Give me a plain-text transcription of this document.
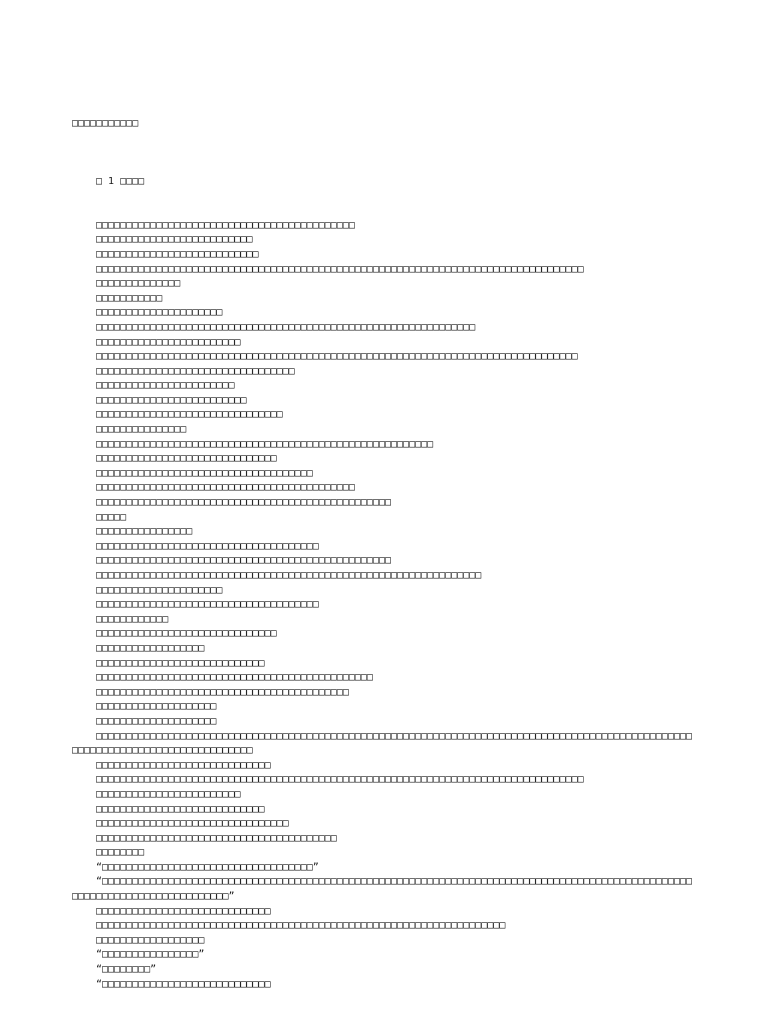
□□□□□□□□□□□

□ 1 □□□□

□□□□□□□□□□□□□□□□□□□□□□□□□□□□□□□□□□□□□□□□□□□
□□□□□□□□□□□□□□□□□□□□□□□□□□
□□□□□□□□□□□□□□□□□□□□□□□□□□□
□□□□□□□□□□□□□□□□□□□□□□□□□□□□□□□□□□□□□□□□□□□□□□□□□□□□□□□□□□□□□□□□□□□□□□□□□□□□□□□□□
□□□□□□□□□□□□□□
□□□□□□□□□□□
□□□□□□□□□□□□□□□□□□□□□
□□□□□□□□□□□□□□□□□□□□□□□□□□□□□□□□□□□□□□□□□□□□□□□□□□□□□□□□□□□□□□□
□□□□□□□□□□□□□□□□□□□□□□□□
□□□□□□□□□□□□□□□□□□□□□□□□□□□□□□□□□□□□□□□□□□□□□□□□□□□□□□□□□□□□□□□□□□□□□□□□□□□□□□□□
□□□□□□□□□□□□□□□□□□□□□□□□□□□□□□□□□
□□□□□□□□□□□□□□□□□□□□□□□
□□□□□□□□□□□□□□□□□□□□□□□□□
□□□□□□□□□□□□□□□□□□□□□□□□□□□□□□□
□□□□□□□□□□□□□□□
□□□□□□□□□□□□□□□□□□□□□□□□□□□□□□□□□□□□□□□□□□□□□□□□□□□□□□□□
□□□□□□□□□□□□□□□□□□□□□□□□□□□□□□
□□□□□□□□□□□□□□□□□□□□□□□□□□□□□□□□□□□□
□□□□□□□□□□□□□□□□□□□□□□□□□□□□□□□□□□□□□□□□□□□
□□□□□□□□□□□□□□□□□□□□□□□□□□□□□□□□□□□□□□□□□□□□□□□□□
□□□□□
□□□□□□□□□□□□□□□□
□□□□□□□□□□□□□□□□□□□□□□□□□□□□□□□□□□□□□
□□□□□□□□□□□□□□□□□□□□□□□□□□□□□□□□□□□□□□□□□□□□□□□□□
□□□□□□□□□□□□□□□□□□□□□□□□□□□□□□□□□□□□□□□□□□□□□□□□□□□□□□□□□□□□□□□□
□□□□□□□□□□□□□□□□□□□□□
□□□□□□□□□□□□□□□□□□□□□□□□□□□□□□□□□□□□□
□□□□□□□□□□□□
□□□□□□□□□□□□□□□□□□□□□□□□□□□□□□
□□□□□□□□□□□□□□□□□□
□□□□□□□□□□□□□□□□□□□□□□□□□□□□
□□□□□□□□□□□□□□□□□□□□□□□□□□□□□□□□□□□□□□□□□□□□□□
□□□□□□□□□□□□□□□□□□□□□□□□□□□□□□□□□□□□□□□□□□
□□□□□□□□□□□□□□□□□□□□
□□□□□□□□□□□□□□□□□□□□
□□□□□□□□□□□□□□□□□□□□□□□□□□□□□□□□□□□□□□□□□□□□□□□□□□□□□□□□□□□□□□□□□□□□□□□□□□□□□□□□□□□□□□□□□□□□□□□□□□□□□□□□□□□□□□□□□□□□□□□□□□□□□□□□□
□□□□□□□□□□□□□□□□□□□□□□□□□□□□□
□□□□□□□□□□□□□□□□□□□□□□□□□□□□□□□□□□□□□□□□□□□□□□□□□□□□□□□□□□□□□□□□□□□□□□□□□□□□□□□□□
□□□□□□□□□□□□□□□□□□□□□□□□
□□□□□□□□□□□□□□□□□□□□□□□□□□□□
□□□□□□□□□□□□□□□□□□□□□□□□□□□□□□□□
□□□□□□□□□□□□□□□□□□□□□□□□□□□□□□□□□□□□□□□□
□□□□□□□□
“□□□□□□□□□□□□□□□□□□□□□□□□□□□□□□□□□□□”
“□□□□□□□□□□□□□□□□□□□□□□□□□□□□□□□□□□□□□□□□□□□□□□□□□□□□□□□□□□□□□□□□□□□□□□□□□□□□□□□□□□□□□□□□□□□□□□□□□□□□□□□□□□□□□□□□□□□□□□□□□□□□”
□□□□□□□□□□□□□□□□□□□□□□□□□□□□□
□□□□□□□□□□□□□□□□□□□□□□□□□□□□□□□□□□□□□□□□□□□□□□□□□□□□□□□□□□□□□□□□□□□□
□□□□□□□□□□□□□□□□□□
“□□□□□□□□□□□□□□□□”
“□□□□□□□□”
“□□□□□□□□□□□□□□□□□□□□□□□□□□□□
